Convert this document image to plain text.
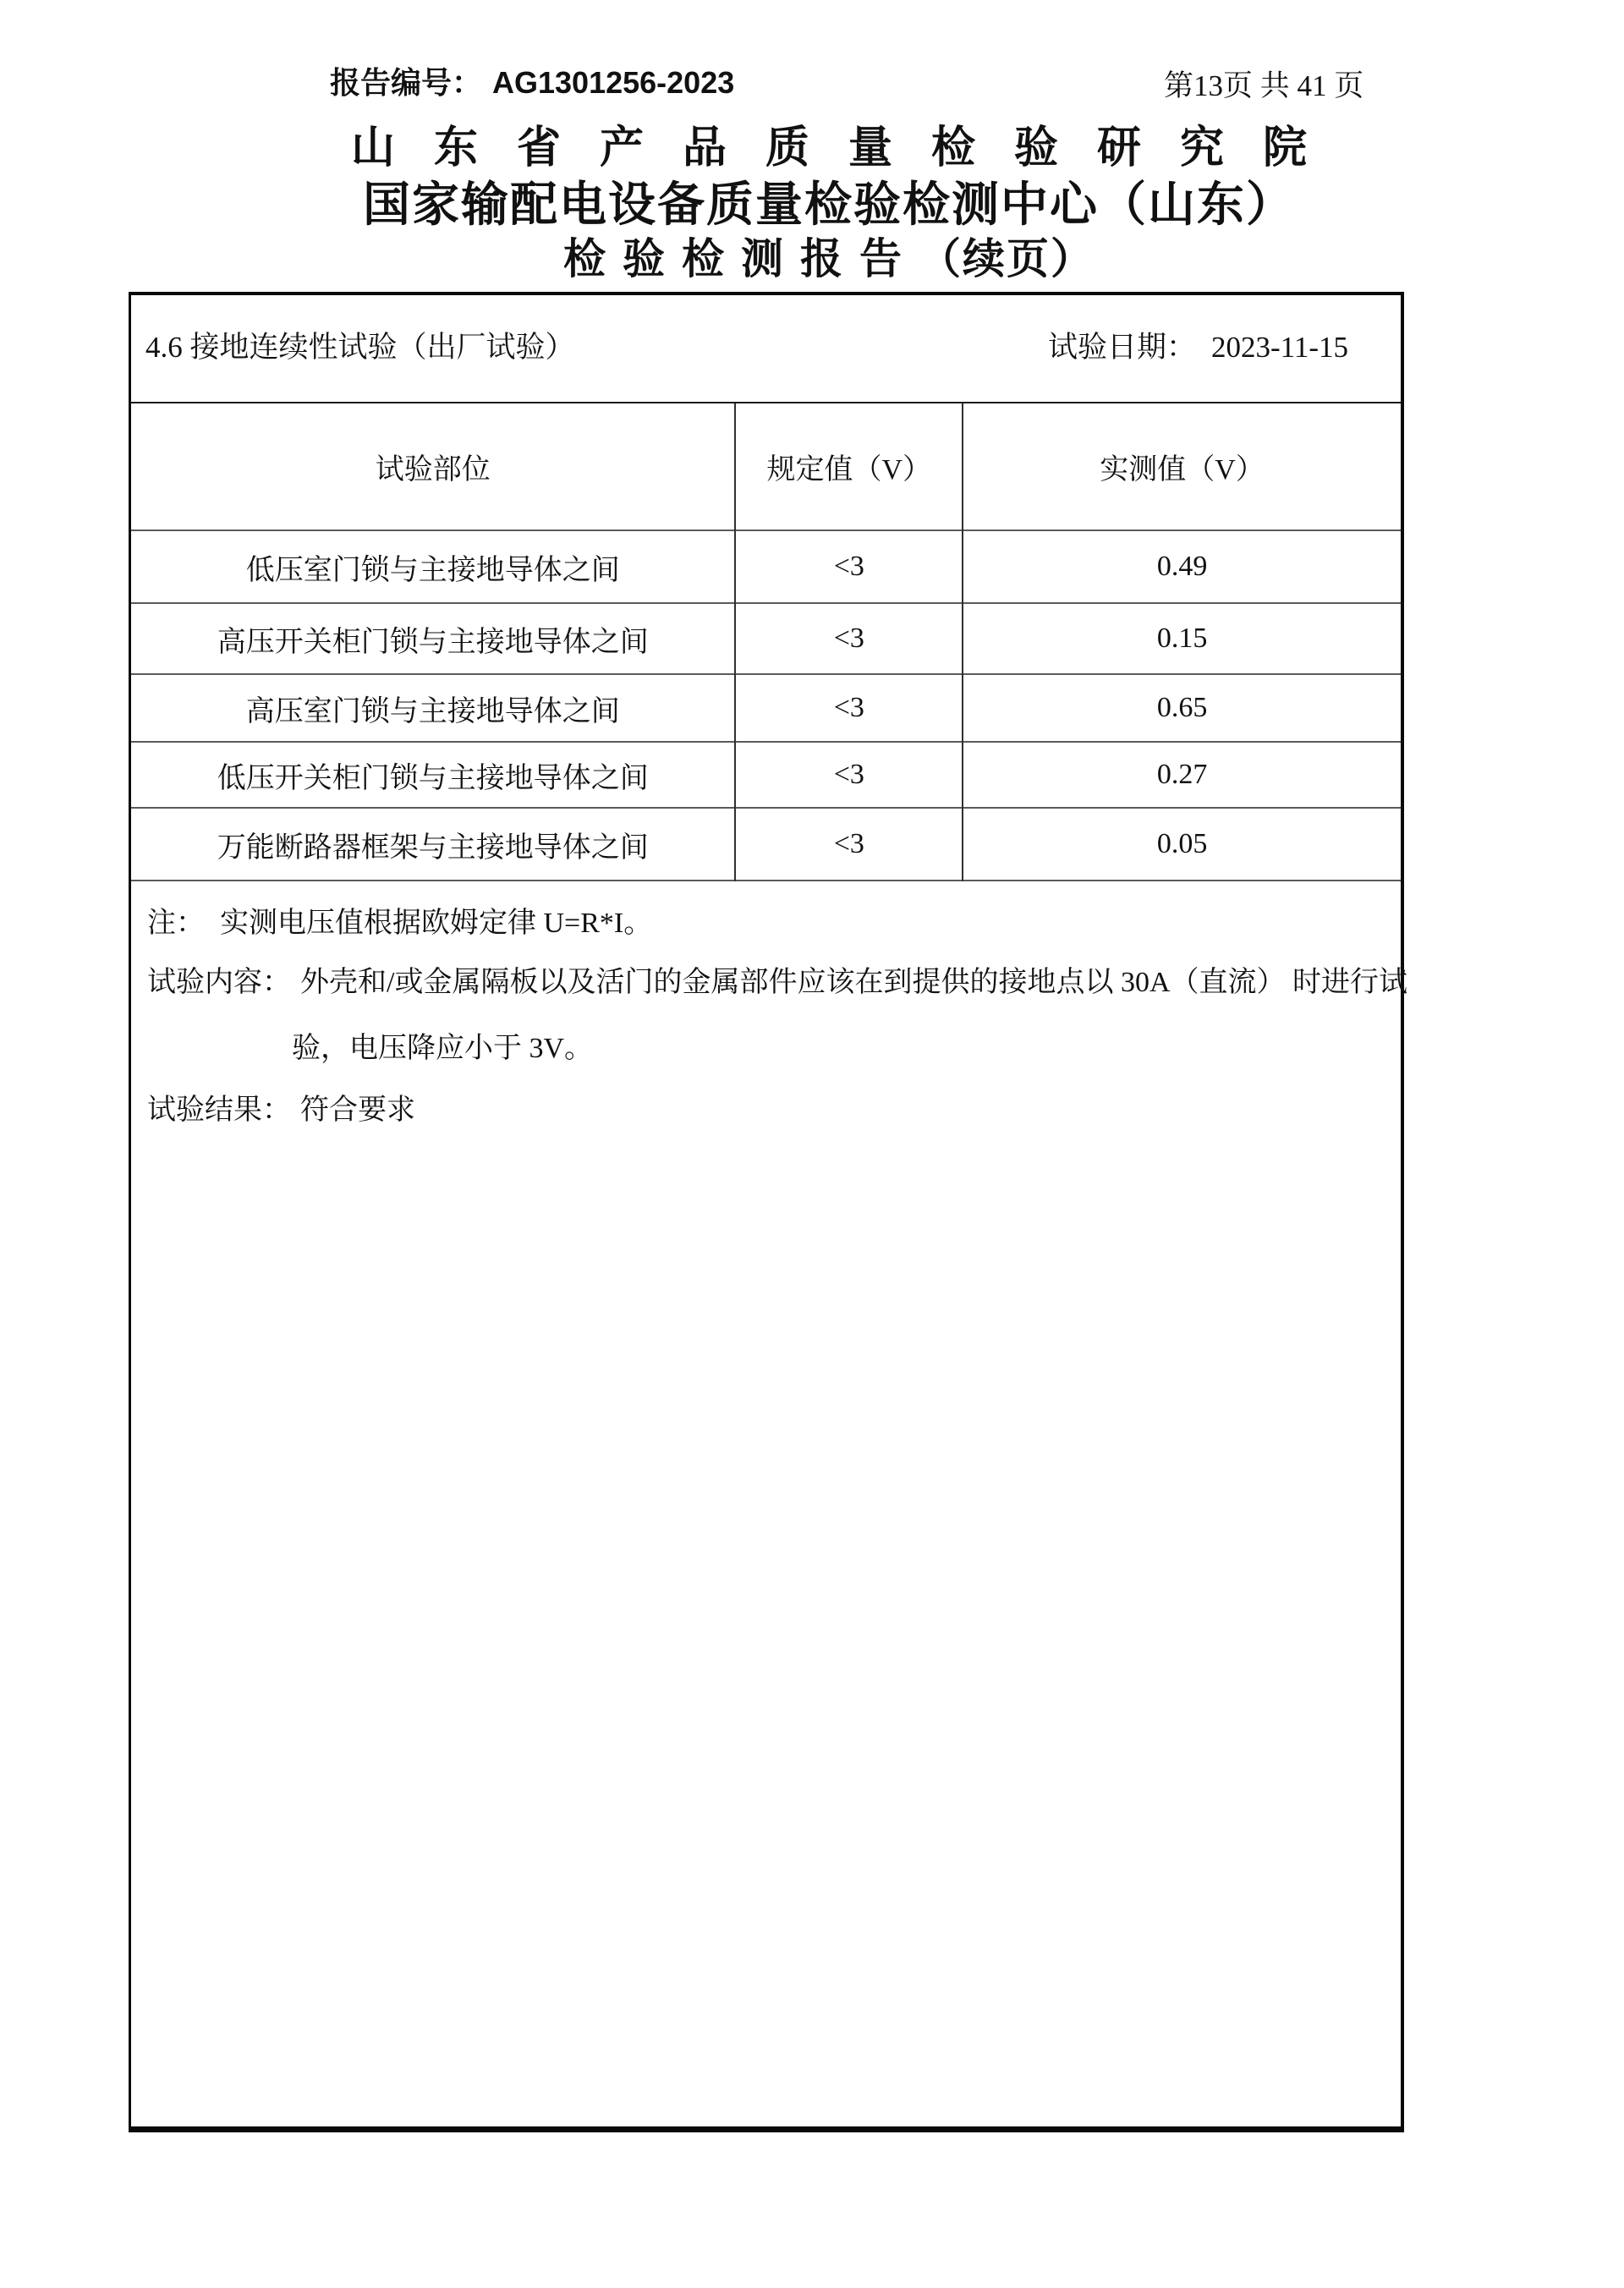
报告编号： AG1301256-2023	第13页 共 41 页
山东省产品质量检验研究院
国家输配电设备质量检验检测中心（山东）
检验检测报告（续页）
4.6 接地连续性试验（出厂试验）	试验日期： 2023-11-15
试验部位	规定值（V）	实测值（V）
低压室门锁与主接地导体之间	<3	0.49
高压开关柜门锁与主接地导体之间	<3	0.15
高压室门锁与主接地导体之间	<3	0.65
低压开关柜门锁与主接地导体之间	<3	0.27
万能断路器框架与主接地导体之间	<3	0.05
注： 实测电压值根据欧姆定律 U=R*I。
试验内容： 外壳和/或金属隔板以及活门的金属部件应该在到提供的接地点以 30A（直流） 时进行试
验，电压降应小于 3V。
试验结果： 符合要求
